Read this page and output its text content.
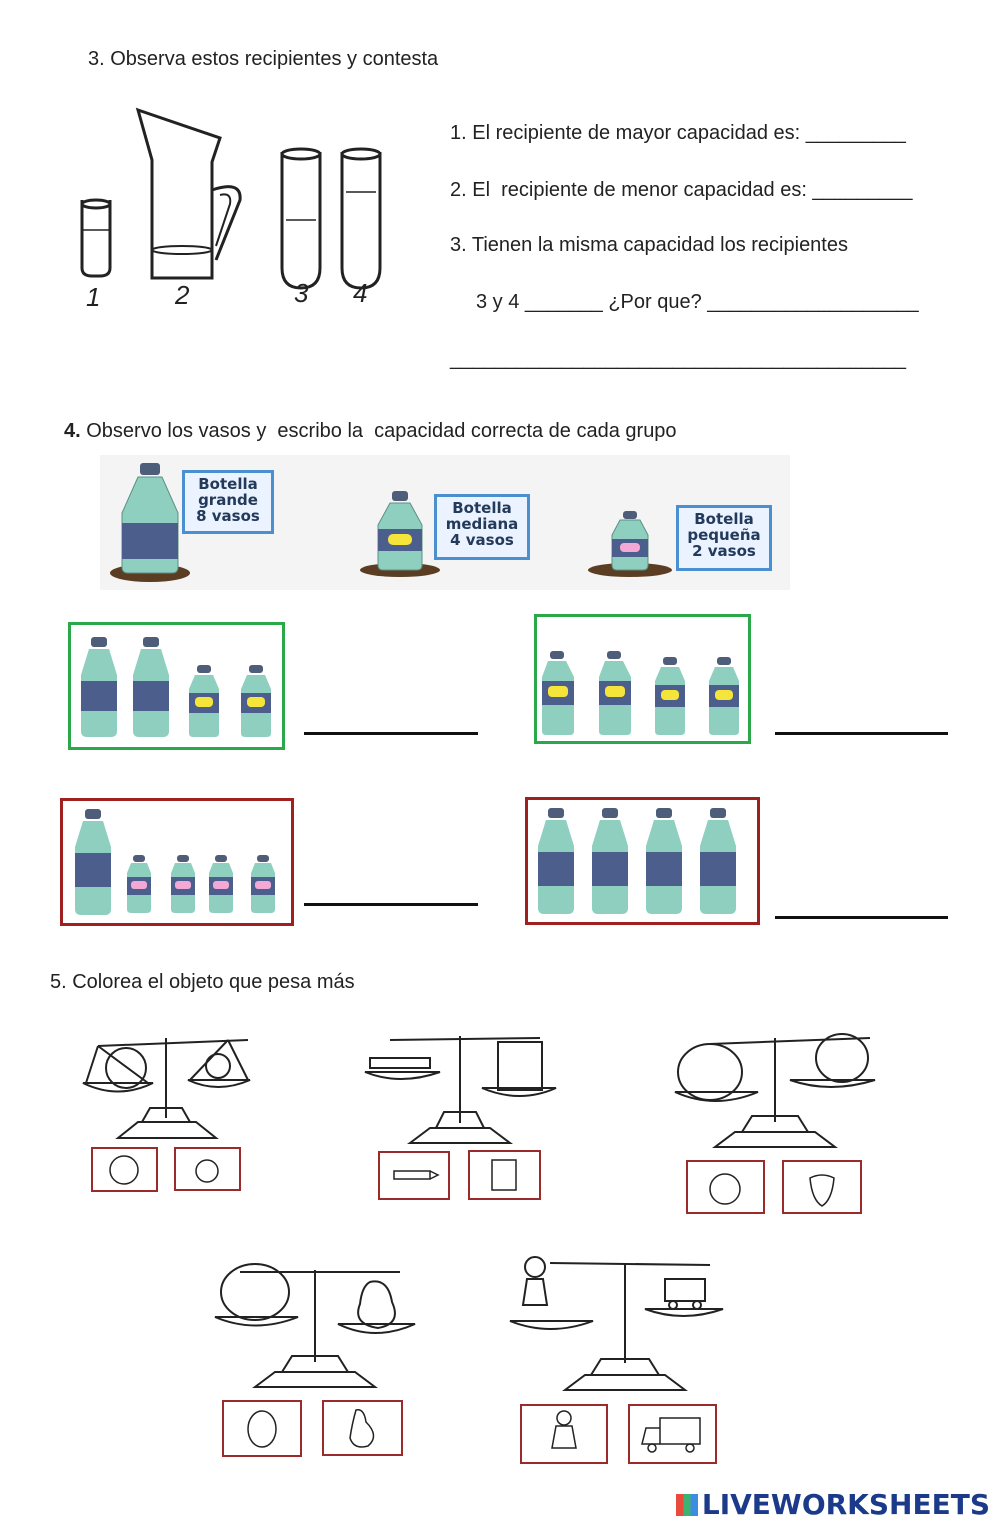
3. Observa estos recipientes y contesta
1	2	3 4
1. El recipiente de mayor capacidad es: _________
2. El  recipiente de menor capacidad es: _________
3. Tienen la misma capacidad los recipientes
3 y 4 _______ ¿Por que? ___________________
_________________________________________
4. Observo los vasos y  escribo la  capacidad correcta de cada grupo
Botella
grande
8 vasos	Botella
mediana
4 vasos
Botella
pequeña
2 vasos
5. Colorea el objeto que pesa más
LIVEWORKSHEETS
